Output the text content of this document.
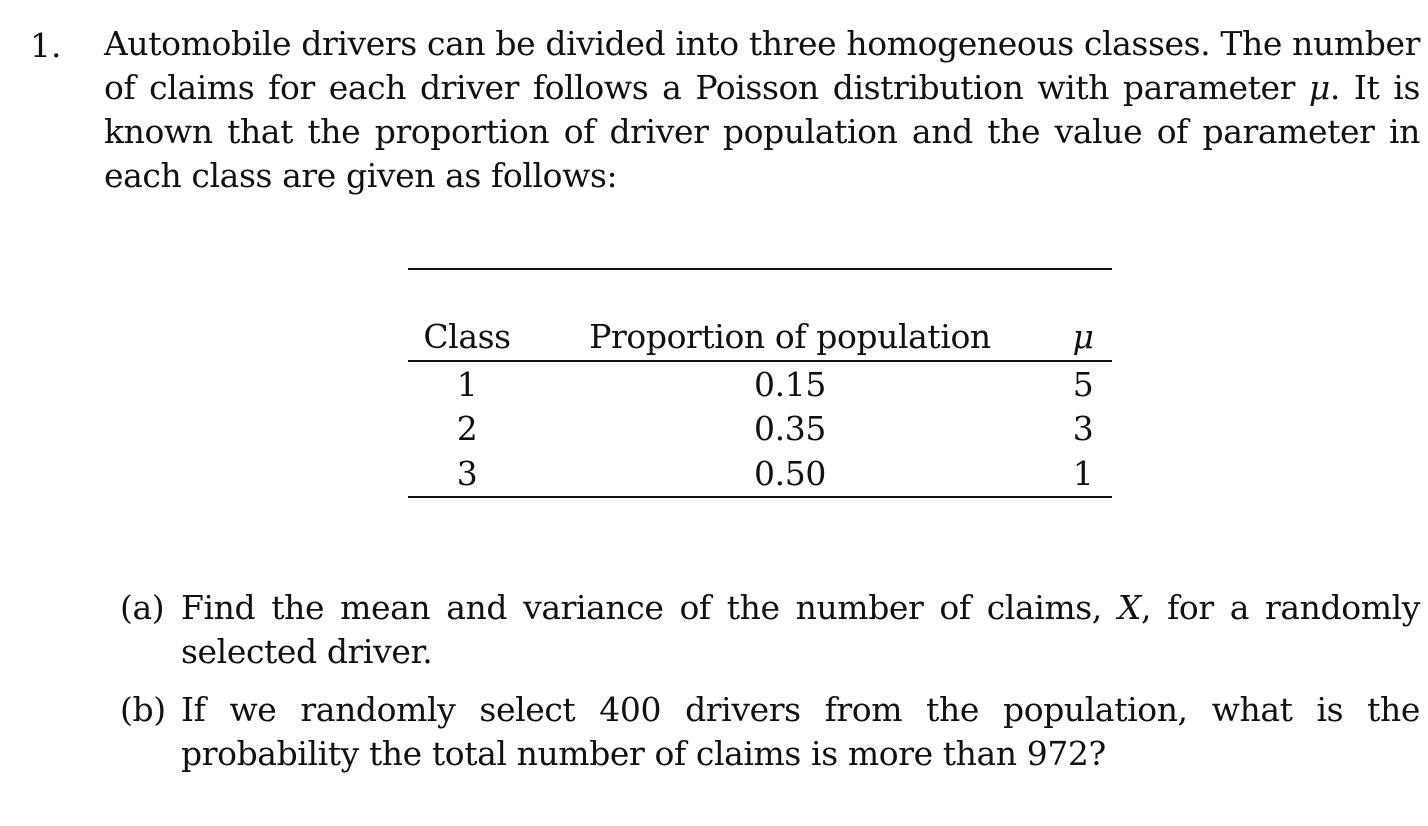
1. Automobile drivers can be divided into three homogeneous classes. The number of claims for each driver follows a Poisson distribution with parameter μ. It is known that the proportion of driver population and the value of parameter in each class are given as follows:
Class	Proportion of population	μ
1	0.15	5
2	0.35	3
3	0.50	1
(a) Find the mean and variance of the number of claims, X, for a randomly selected driver.
(b) If we randomly select 400 drivers from the population, what is the probability the total number of claims is more than 972?
